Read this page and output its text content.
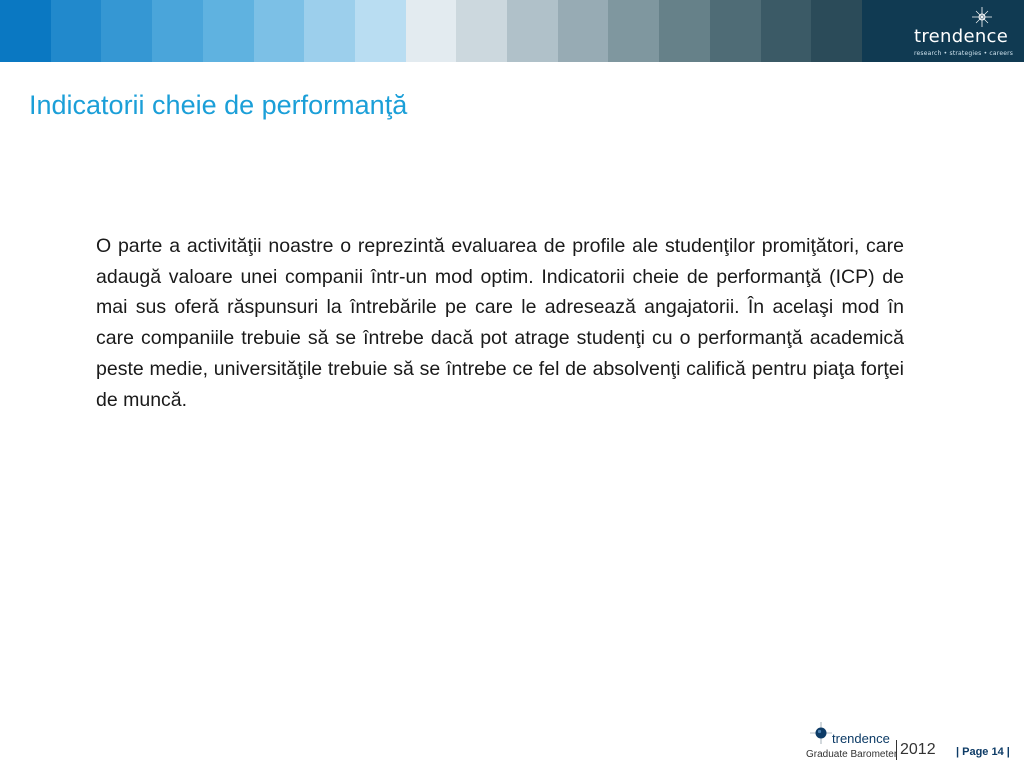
trendence
research • strategies • careers
Indicatorii cheie de performanţă

O parte a activităţii noastre o reprezintă evaluarea de profile ale studenţilor promiţători, care adaugă valoare unei companii într-un mod optim. Indicatorii cheie de performanţă (ICP) de mai sus oferă răspunsuri la întrebările pe care le adresează angajatorii. În acelaşi mod în care companiile trebuie să se întrebe dacă pot atrage studenţi cu o performanţă academică peste medie, universităţile trebuie să se întrebe ce fel de absolvenţi califică pentru piaţa forţei de muncă.

trendence
Graduate Barometer 2012 | Page 14 |
